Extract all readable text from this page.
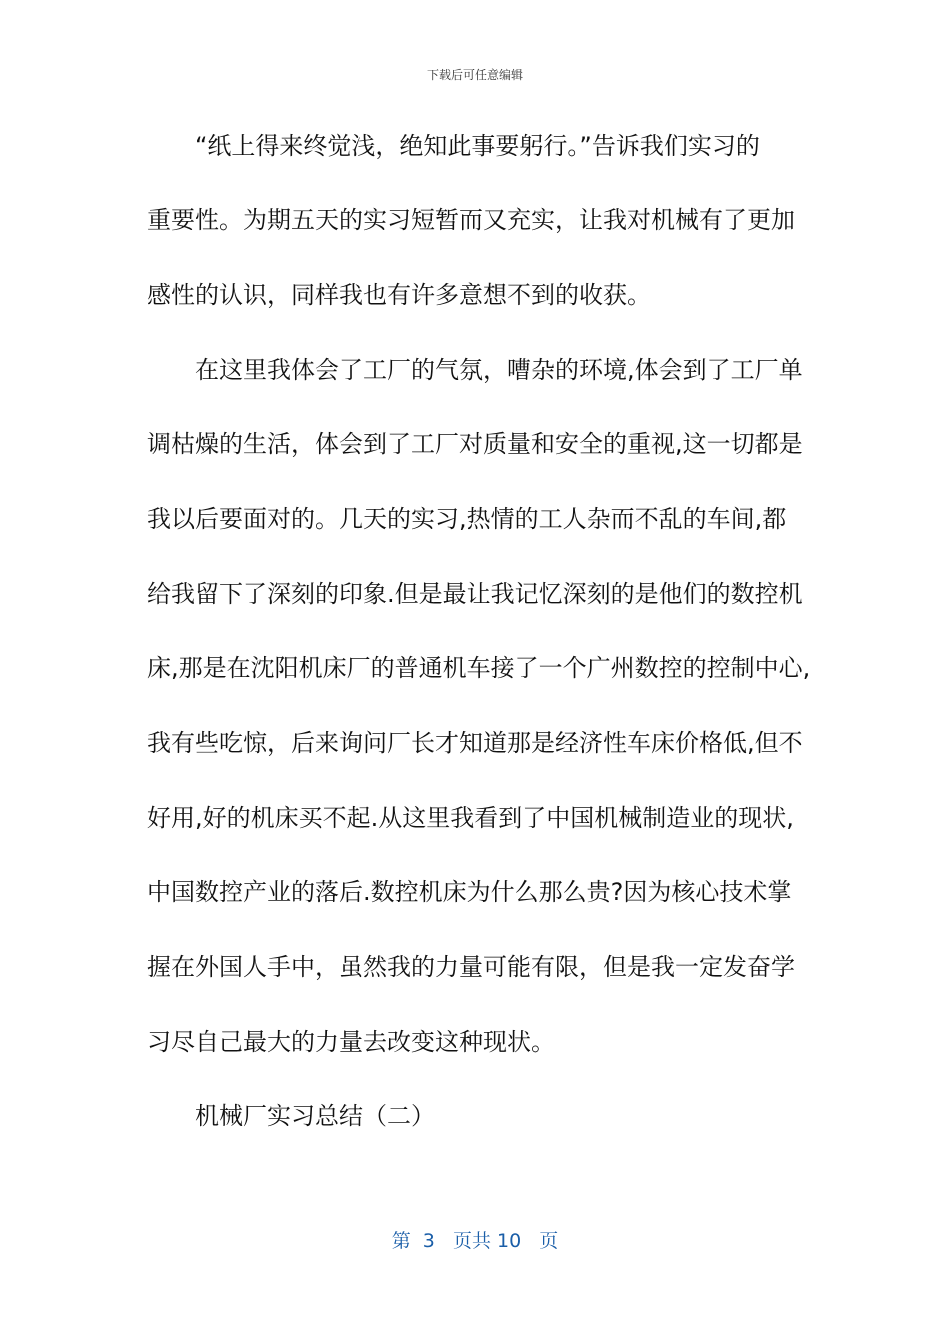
下载后可任意编辑
“纸上得来终觉浅，绝知此事要躬行。”告诉我们实习的
重要性。为期五天的实习短暂而又充实，让我对机械有了更加
感性的认识，同样我也有许多意想不到的收获。
在这里我体会了工厂的气氛，嘈杂的环境,体会到了工厂单
调枯燥的生活，体会到了工厂对质量和安全的重视,这一切都是
我以后要面对的。几天的实习,热情的工人杂而不乱的车间,都
给我留下了深刻的印象.但是最让我记忆深刻的是他们的数控机
床,那是在沈阳机床厂的普通机车接了一个广州数控的控制中心,
我有些吃惊，后来询问厂长才知道那是经济性车床价格低,但不
好用,好的机床买不起.从这里我看到了中国机械制造业的现状,
中国数控产业的落后.数控机床为什么那么贵?因为核心技术掌
握在外国人手中，虽然我的力量可能有限，但是我一定发奋学
习尽自己最大的力量去改变这种现状。
机械厂实习总结（二）
第  3   页共 10   页
